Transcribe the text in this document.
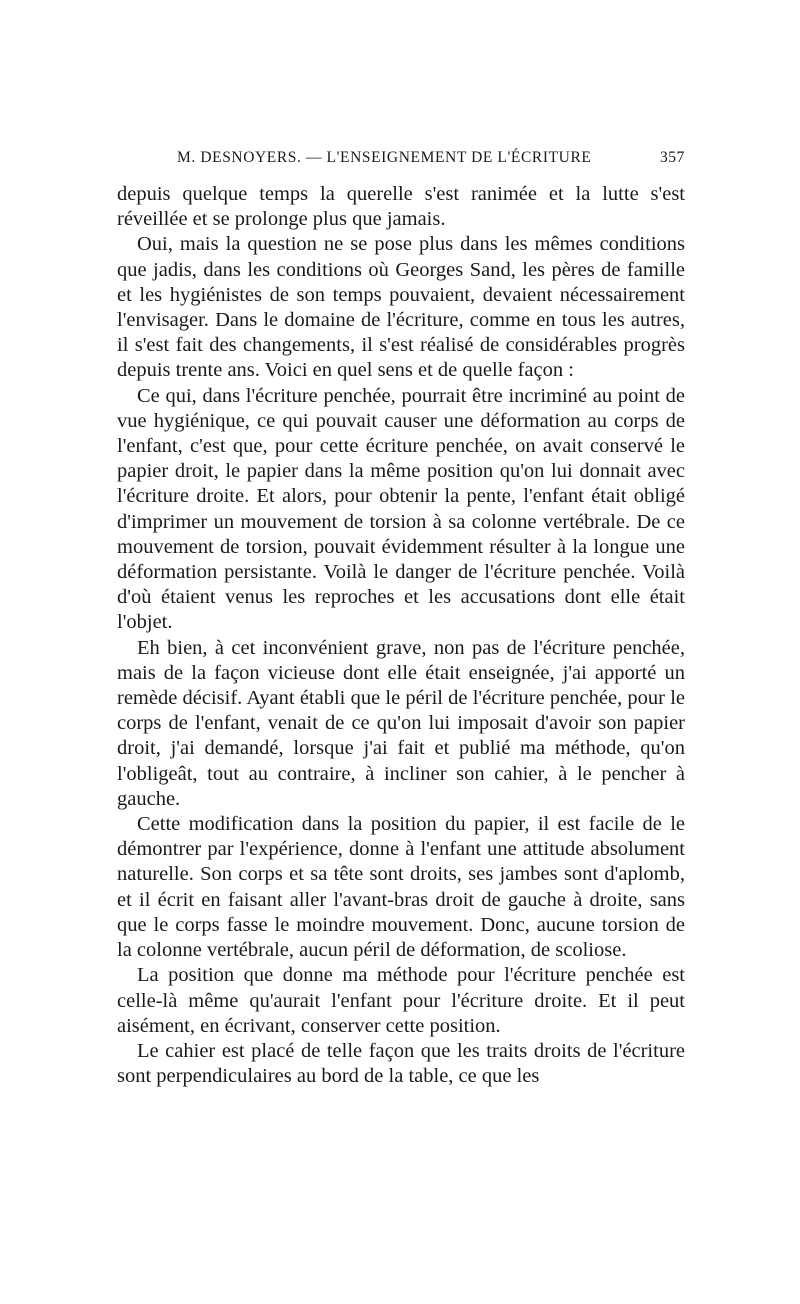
M. DESNOYERS. — L'ENSEIGNEMENT DE L'ÉCRITURE	357

depuis quelque temps la querelle s'est ranimée et la lutte s'est réveillée et se prolonge plus que jamais.

Oui, mais la question ne se pose plus dans les mêmes conditions que jadis, dans les conditions où Georges Sand, les pères de famille et les hygiénistes de son temps pouvaient, devaient nécessairement l'envisager. Dans le domaine de l'écriture, comme en tous les autres, il s'est fait des changements, il s'est réalisé de considérables progrès depuis trente ans. Voici en quel sens et de quelle façon :

Ce qui, dans l'écriture penchée, pourrait être incriminé au point de vue hygiénique, ce qui pouvait causer une déformation au corps de l'enfant, c'est que, pour cette écriture penchée, on avait conservé le papier droit, le papier dans la même position qu'on lui donnait avec l'écriture droite. Et alors, pour obtenir la pente, l'enfant était obligé d'imprimer un mouvement de torsion à sa colonne vertébrale. De ce mouvement de torsion, pouvait évidemment résulter à la longue une déformation persistante. Voilà le danger de l'écriture penchée. Voilà d'où étaient venus les reproches et les accusations dont elle était l'objet.

Eh bien, à cet inconvénient grave, non pas de l'écriture penchée, mais de la façon vicieuse dont elle était enseignée, j'ai apporté un remède décisif. Ayant établi que le péril de l'écriture penchée, pour le corps de l'enfant, venait de ce qu'on lui imposait d'avoir son papier droit, j'ai demandé, lorsque j'ai fait et publié ma méthode, qu'on l'obligeât, tout au contraire, à incliner son cahier, à le pencher à gauche.

Cette modification dans la position du papier, il est facile de le démontrer par l'expérience, donne à l'enfant une attitude absolument naturelle. Son corps et sa tête sont droits, ses jambes sont d'aplomb, et il écrit en faisant aller l'avant-bras droit de gauche à droite, sans que le corps fasse le moindre mouvement. Donc, aucune torsion de la colonne vertébrale, aucun péril de déformation, de scoliose.

La position que donne ma méthode pour l'écriture penchée est celle-là même qu'aurait l'enfant pour l'écriture droite. Et il peut aisément, en écrivant, conserver cette position.

Le cahier est placé de telle façon que les traits droits de l'écriture sont perpendiculaires au bord de la table, ce que les
